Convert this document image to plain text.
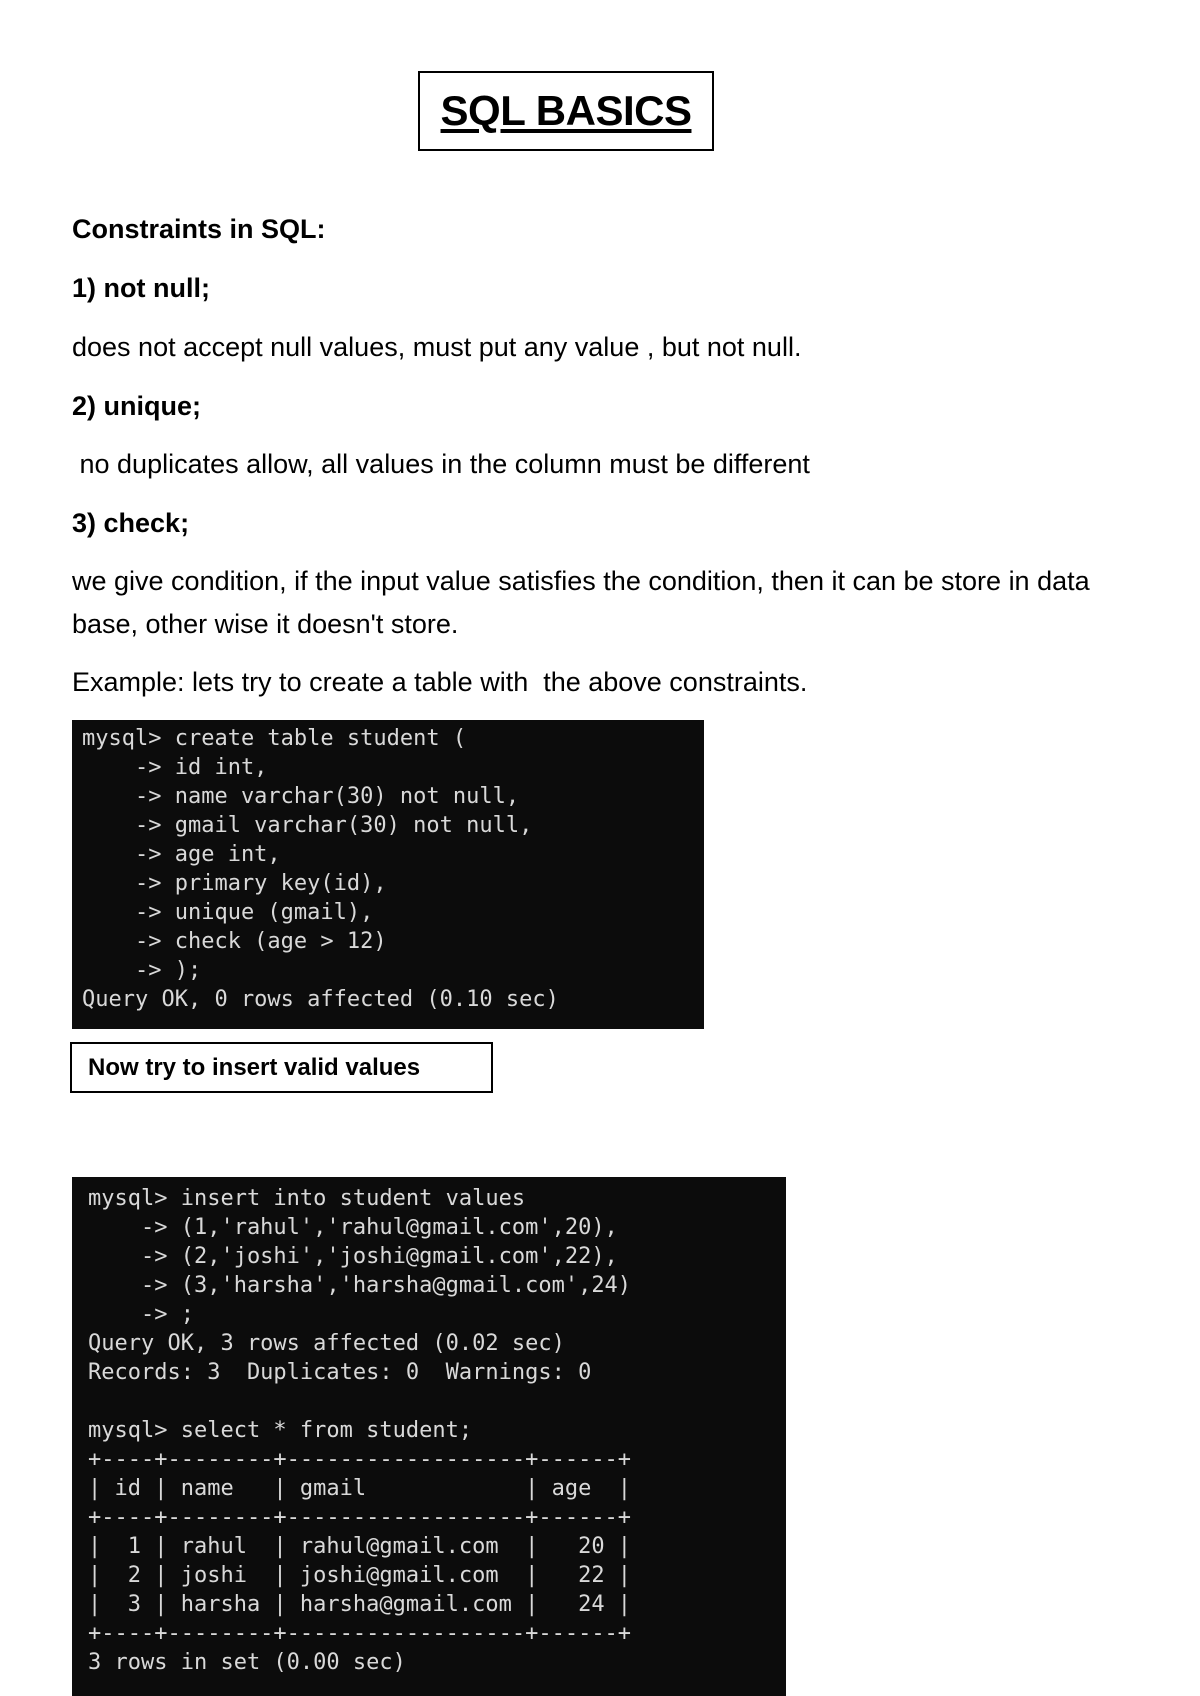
SQL BASICS
Constraints in SQL:
1) not null;
does not accept null values, must put any value , but not null.
2) unique;
no duplicates allow, all values in the column must be different
3) check;
we give condition, if the input value satisfies the condition, then it can be store in data base, other wise it doesn't store.
Example: lets try to create a table with  the above constraints.
mysql> create table student (
-> id int,
-> name varchar(30) not null,
-> gmail varchar(30) not null,
-> age int,
-> primary key(id),
-> unique (gmail),
-> check (age > 12)
-> );
Query OK, 0 rows affected (0.10 sec)
Now try to insert valid values
mysql> insert into student values
-> (1,'rahul','rahul@gmail.com',20),
-> (2,'joshi','joshi@gmail.com',22),
-> (3,'harsha','harsha@gmail.com',24)
-> ;
Query OK, 3 rows affected (0.02 sec)
Records: 3  Duplicates: 0  Warnings: 0

mysql> select * from student;
+----+--------+------------------+------+
| id | name   | gmail            | age  |
+----+--------+------------------+------+
|  1 | rahul  | rahul@gmail.com  |   20 |
|  2 | joshi  | joshi@gmail.com  |   22 |
|  3 | harsha | harsha@gmail.com |   24 |
+----+--------+------------------+------+
3 rows in set (0.00 sec)
